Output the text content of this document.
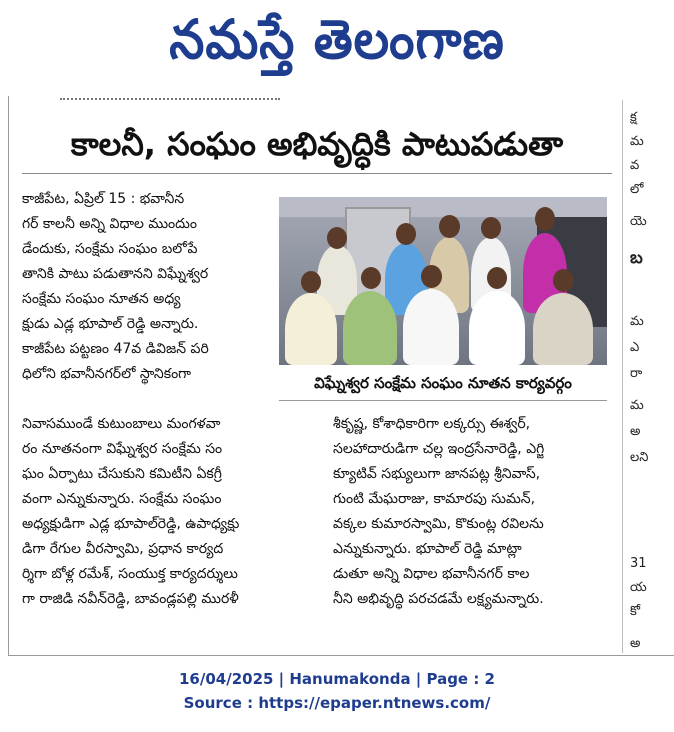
నమస్తే తెలంగాణ
కాలనీ, సంఘం అభివృద్ధికి పాటుపడుతా
కాజీపేట, ఏప్రిల్ 15 : భవానీన
గర్ కాలనీ అన్ని విధాల ముందుం
డేందుకు, సంక్షేమ సంఘం బలోపే
తానికి పాటు పడుతానని విఘ్నేశ్వర
సంక్షేమ సంఘం నూతన అధ్య
క్షుడు ఎడ్ల భూపాల్ రెడ్డి అన్నారు.
కాజీపేట పట్టణం 47వ డివిజన్ పరి
ధిలోని భవానీనగర్‌లో స్థానికంగా
నివాసముండే కుటుంబాలు మంగళవా
రం నూతనంగా విఘ్నేశ్వర సంక్షేమ సం
ఘం ఏర్పాటు చేసుకుని కమిటీని ఏకగ్రీ
వంగా ఎన్నుకున్నారు. సంక్షేమ సంఘం
అధ్యక్షుడిగా ఎడ్ల భూపాల్‌రెడ్డి, ఉపాధ్యక్షు
డిగా రేగుల వీరస్వామి, ప్రధాన కార్యద
ర్శిగా బోళ్ల రమేశ్, సంయుక్త కార్యదర్శులు
గా రాజిడి నవీన్‌రెడ్డి, బావండ్లపల్లి మురళీ
విఘ్నేశ్వర సంక్షేమ సంఘం నూతన కార్యవర్గం
శీకృష్ణ, కోశాధికారిగా లక్కర్సు ఈశ్వర్,
సలహాదారుడిగా చల్ల ఇంద్రసేనారెడ్డి, ఎగ్జి
క్యూటివ్ సభ్యులుగా జానపట్ల శ్రీనివాస్,
గుంటి మేఘరాజు, కామారపు సుమన్,
వక్కల కుమారస్వామి, కొకుంట్ల రవిలను
ఎన్నుకున్నారు. భూపాల్ రెడ్డి మాట్లా
డుతూ అన్ని విధాల భవానీనగర్ కాల
నీని అభివృద్ధి పరచడమే లక్ష్యమన్నారు.
క్ష
మ
వ
లో
యె
బ
మ
ఎ
రా
మ
అ
లని
31
య
కో
అ
16/04/2025 | Hanumakonda | Page : 2
Source : https://epaper.ntnews.com/
